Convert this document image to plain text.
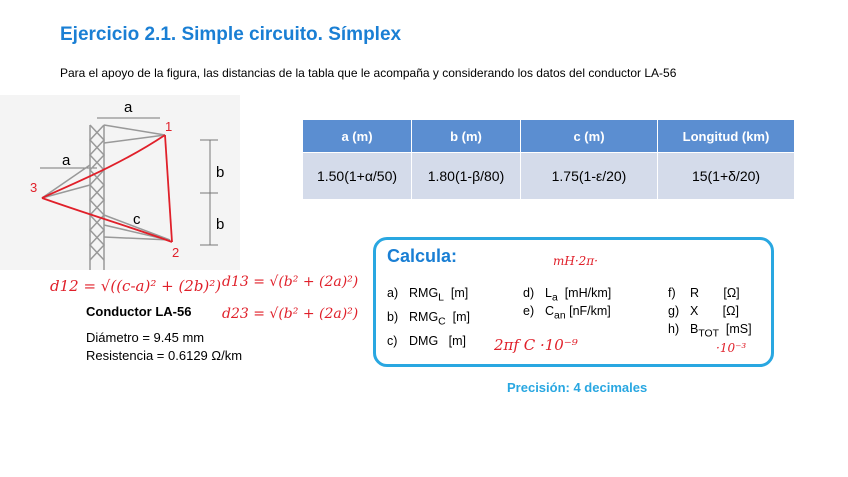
Ejercicio 2.1. Simple circuito. Símplex
Para el apoyo de la figura, las distancias de la tabla que le acompaña y considerando los datos del conductor LA-56
a
a
b
b
c
1
2
3
a (m)	b (m)	c (m)	Longitud (km)
1.50(1+α/50)	1.80(1-β/80)	1.75(1-ε/20)	15(1+δ/20)
Conductor LA-56
Diámetro = 9.45 mm
Resistencia = 0.6129 Ω/km
Calcula:
a) $RMG_L$ [m]
b) $RMG_C$ [m]
c) DMG [m]
d) $L_a$ [mH/km]
e) $C_{an}$ [nF/km]
f) R [Ω]
g) X [Ω]
h) $B_{TOT}$ [mS]
Precisión: 4 decimales
d12 = √((c-a)² + (2b)²) d13 = √(b² + (2a)²)
d23 = √(b² + (2a)²)
mH·2π·
2πf C ·10⁻⁹	·10⁻³
